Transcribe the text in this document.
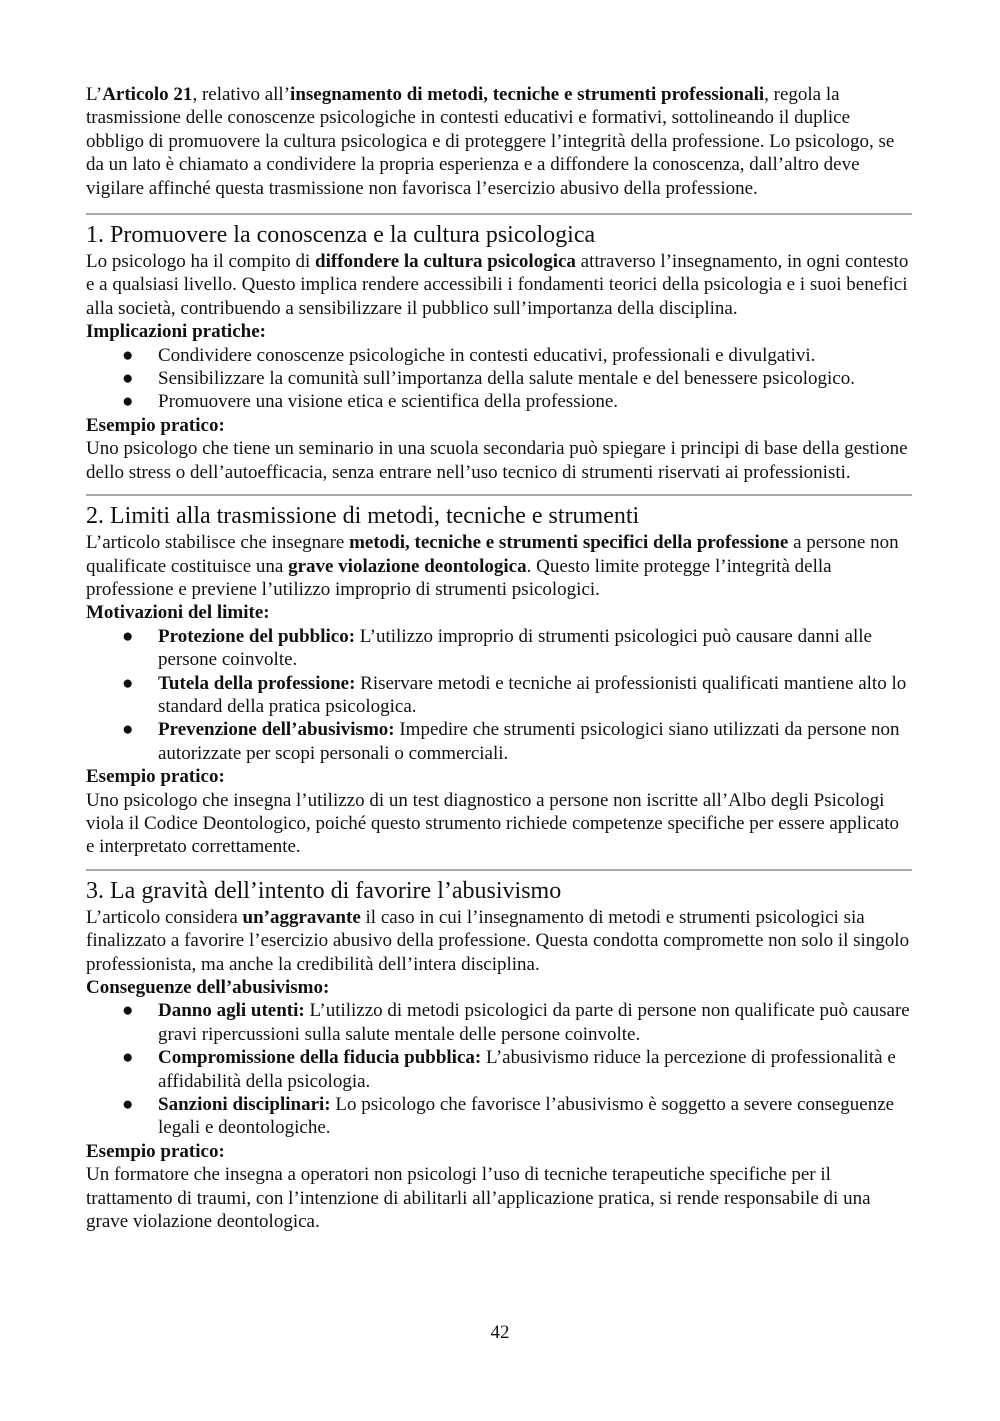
L’Articolo 21, relativo all’insegnamento di metodi, tecniche e strumenti professionali, regola la trasmissione delle conoscenze psicologiche in contesti educativi e formativi, sottolineando il duplice obbligo di promuovere la cultura psicologica e di proteggere l’integrità della professione. Lo psicologo, se da un lato è chiamato a condividere la propria esperienza e a diffondere la conoscenza, dall’altro deve vigilare affinché questa trasmissione non favorisca l’esercizio abusivo della professione.

1. Promuovere la conoscenza e la cultura psicologica

Lo psicologo ha il compito di diffondere la cultura psicologica attraverso l’insegnamento, in ogni contesto e a qualsiasi livello. Questo implica rendere accessibili i fondamenti teorici della psicologia e i suoi benefici alla società, contribuendo a sensibilizzare il pubblico sull’importanza della disciplina.

Implicazioni pratiche:

● Condividere conoscenze psicologiche in contesti educativi, professionali e divulgativi.
● Sensibilizzare la comunità sull’importanza della salute mentale e del benessere psicologico.
● Promuovere una visione etica e scientifica della professione.

Esempio pratico:

Uno psicologo che tiene un seminario in una scuola secondaria può spiegare i principi di base della gestione dello stress o dell’autoefficacia, senza entrare nell’uso tecnico di strumenti riservati ai professionisti.

2. Limiti alla trasmissione di metodi, tecniche e strumenti

L’articolo stabilisce che insegnare metodi, tecniche e strumenti specifici della professione a persone non qualificate costituisce una grave violazione deontologica. Questo limite protegge l’integrità della professione e previene l’utilizzo improprio di strumenti psicologici.

Motivazioni del limite:

● Protezione del pubblico: L’utilizzo improprio di strumenti psicologici può causare danni alle persone coinvolte.
● Tutela della professione: Riservare metodi e tecniche ai professionisti qualificati mantiene alto lo standard della pratica psicologica.
● Prevenzione dell’abusivismo: Impedire che strumenti psicologici siano utilizzati da persone non autorizzate per scopi personali o commerciali.

Esempio pratico:

Uno psicologo che insegna l’utilizzo di un test diagnostico a persone non iscritte all’Albo degli Psicologi viola il Codice Deontologico, poiché questo strumento richiede competenze specifiche per essere applicato e interpretato correttamente.

3. La gravità dell’intento di favorire l’abusivismo

L’articolo considera un’aggravante il caso in cui l’insegnamento di metodi e strumenti psicologici sia finalizzato a favorire l’esercizio abusivo della professione. Questa condotta compromette non solo il singolo professionista, ma anche la credibilità dell’intera disciplina.

Conseguenze dell’abusivismo:

● Danno agli utenti: L’utilizzo di metodi psicologici da parte di persone non qualificate può causare gravi ripercussioni sulla salute mentale delle persone coinvolte.
● Compromissione della fiducia pubblica: L’abusivismo riduce la percezione di professionalità e affidabilità della psicologia.
● Sanzioni disciplinari: Lo psicologo che favorisce l’abusivismo è soggetto a severe conseguenze legali e deontologiche.

Esempio pratico:

Un formatore che insegna a operatori non psicologi l’uso di tecniche terapeutiche specifiche per il trattamento di traumi, con l’intenzione di abilitarli all’applicazione pratica, si rende responsabile di una grave violazione deontologica.

42
